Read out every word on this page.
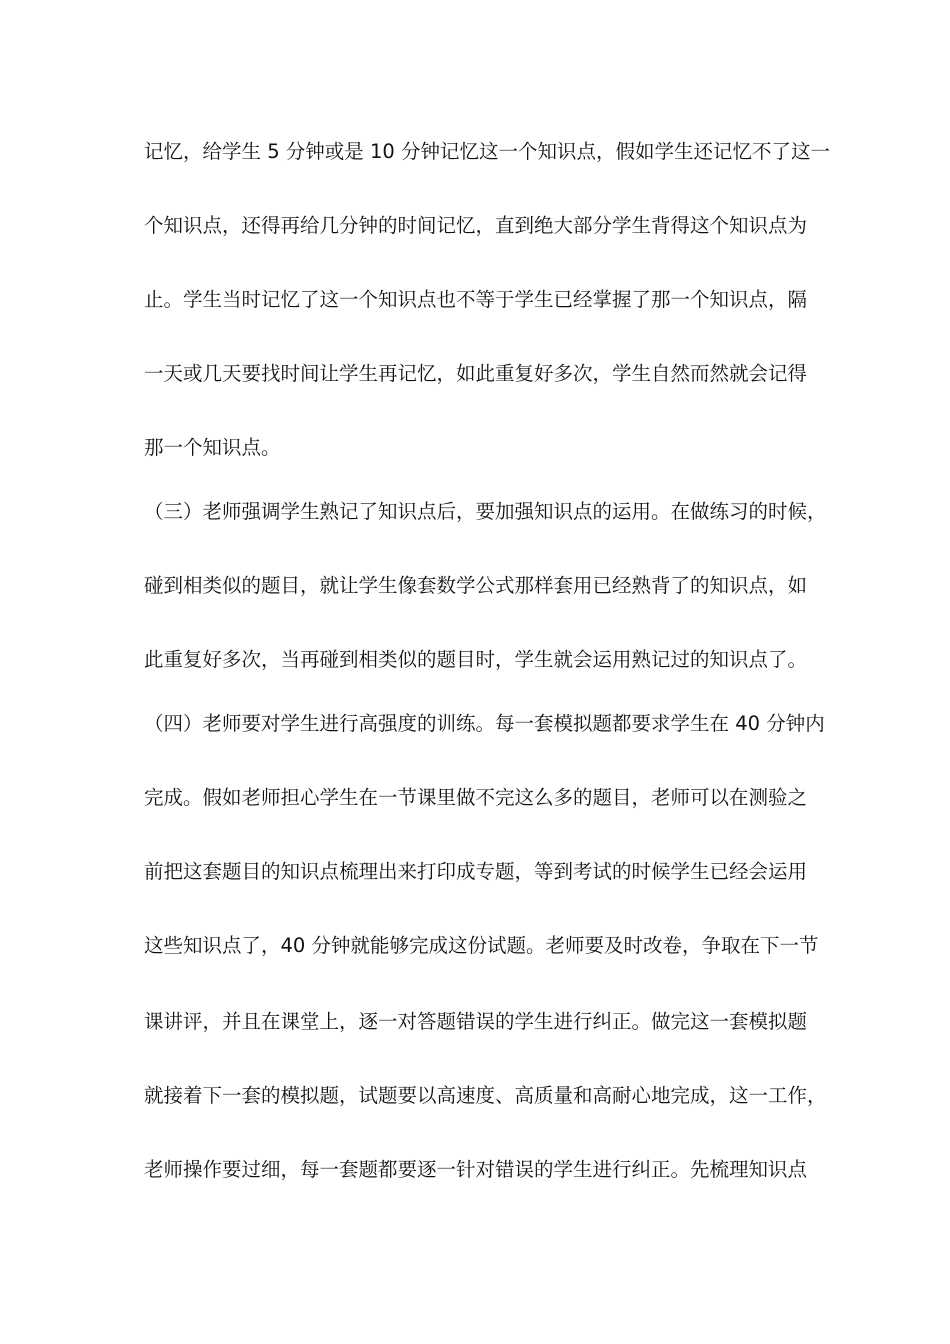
记忆，给学生 5 分钟或是 10 分钟记忆这一个知识点，假如学生还记忆不了这一
个知识点，还得再给几分钟的时间记忆，直到绝大部分学生背得这个知识点为
止。学生当时记忆了这一个知识点也不等于学生已经掌握了那一个知识点，隔
一天或几天要找时间让学生再记忆，如此重复好多次，学生自然而然就会记得
那一个知识点。
（三）老师强调学生熟记了知识点后，要加强知识点的运用。在做练习的时候，
碰到相类似的题目，就让学生像套数学公式那样套用已经熟背了的知识点，如
此重复好多次，当再碰到相类似的题目时，学生就会运用熟记过的知识点了。
（四）老师要对学生进行高强度的训练。每一套模拟题都要求学生在 40 分钟内
完成。假如老师担心学生在一节课里做不完这么多的题目，老师可以在测验之
前把这套题目的知识点梳理出来打印成专题，等到考试的时候学生已经会运用
这些知识点了，40 分钟就能够完成这份试题。老师要及时改卷，争取在下一节
课讲评，并且在课堂上，逐一对答题错误的学生进行纠正。做完这一套模拟题
就接着下一套的模拟题，试题要以高速度、高质量和高耐心地完成，这一工作，
老师操作要过细，每一套题都要逐一针对错误的学生进行纠正。先梳理知识点
